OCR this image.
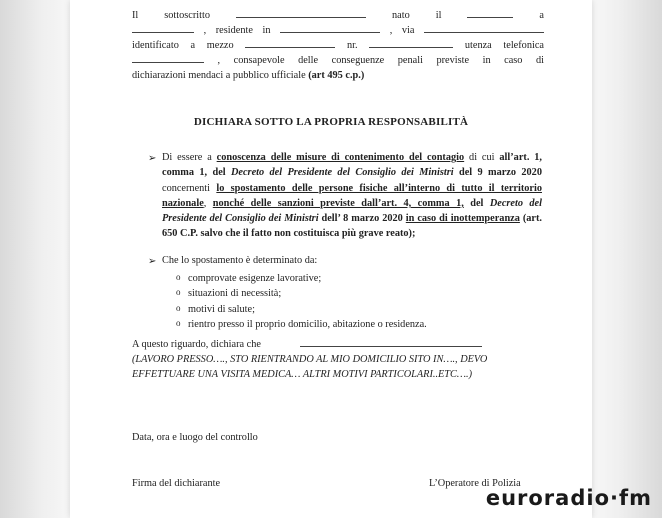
Il sottoscritto	nato il	a
, residente in	, via
identificato a mezzo	nr.	utenza telefonica
, consapevole delle conseguenze penali previste in caso di
dichiarazioni mendaci a pubblico ufficiale (art 495 c.p.)
DICHIARA SOTTO LA PROPRIA RESPONSABILITÀ
➢ Di essere a conoscenza delle misure di contenimento del contagio di cui all’art. 1, comma 1, del Decreto del Presidente del Consiglio dei Ministri del 9 marzo 2020 concernenti lo spostamento delle persone fisiche all’interno di tutto il territorio nazionale, nonché delle sanzioni previste dall’art. 4, comma 1, del Decreto del Presidente del Consiglio dei Ministri dell’ 8 marzo 2020 in caso di inottemperanza (art. 650 C.P. salvo che il fatto non costituisca più grave reato);
➢ Che lo spostamento è determinato da:
o comprovate esigenze lavorative;
o situazioni di necessità;
o motivi di salute;
o rientro presso il proprio domicilio, abitazione o residenza.
A questo riguardo, dichiara che
(LAVORO PRESSO…., STO RIENTRANDO AL MIO DOMICILIO SITO IN…., DEVO
EFFETTUARE UNA VISITA MEDICA… ALTRI MOTIVI PARTICOLARI..ETC….)
Data, ora e luogo del controllo
Firma del dichiarante	L’Operatore di Polizia
euroradio·fm
